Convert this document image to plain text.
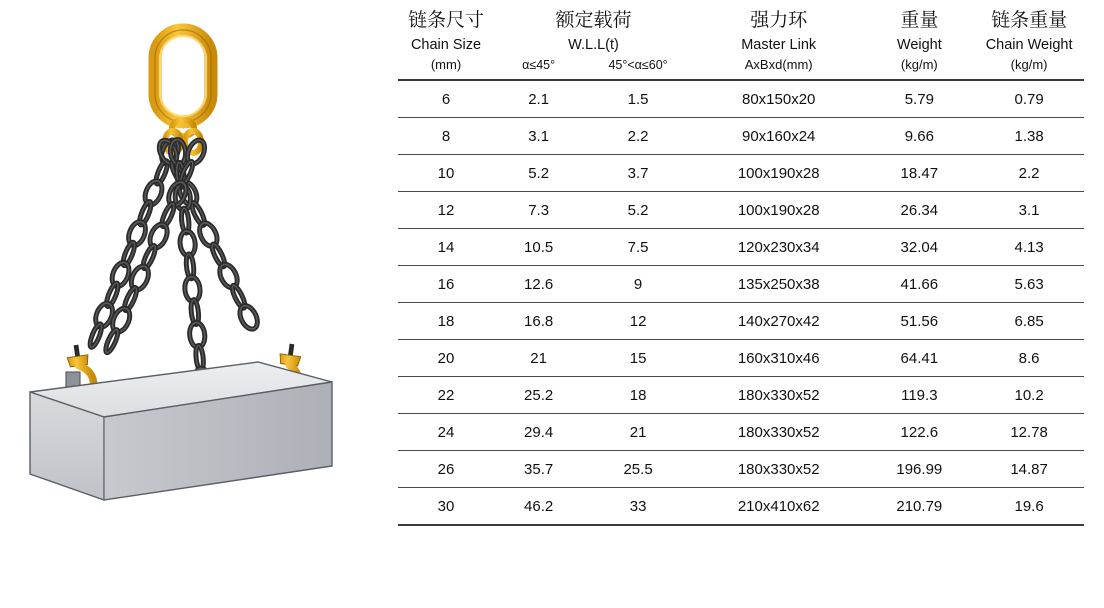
链条尺寸	额定载荷		强力环	重量	链条重量
Chain Size	W.L.L(t)		Master Link	Weight	Chain Weight
(mm)	α≤45°	45°<α≤60°	AxBxd(mm)	(kg/m)	(kg/m)
6	2.1	1.5	80x150x20	5.79	0.79
8	3.1	2.2	90x160x24	9.66	1.38
10	5.2	3.7	100x190x28	18.47	2.2
12	7.3	5.2	100x190x28	26.34	3.1
14	10.5	7.5	120x230x34	32.04	4.13
16	12.6	9	135x250x38	41.66	5.63
18	16.8	12	140x270x42	51.56	6.85
20	21	15	160x310x46	64.41	8.6
22	25.2	18	180x330x52	119.3	10.2
24	29.4	21	180x330x52	122.6	12.78
26	35.7	25.5	180x330x52	196.99	14.87
30	46.2	33	210x410x62	210.79	19.6
